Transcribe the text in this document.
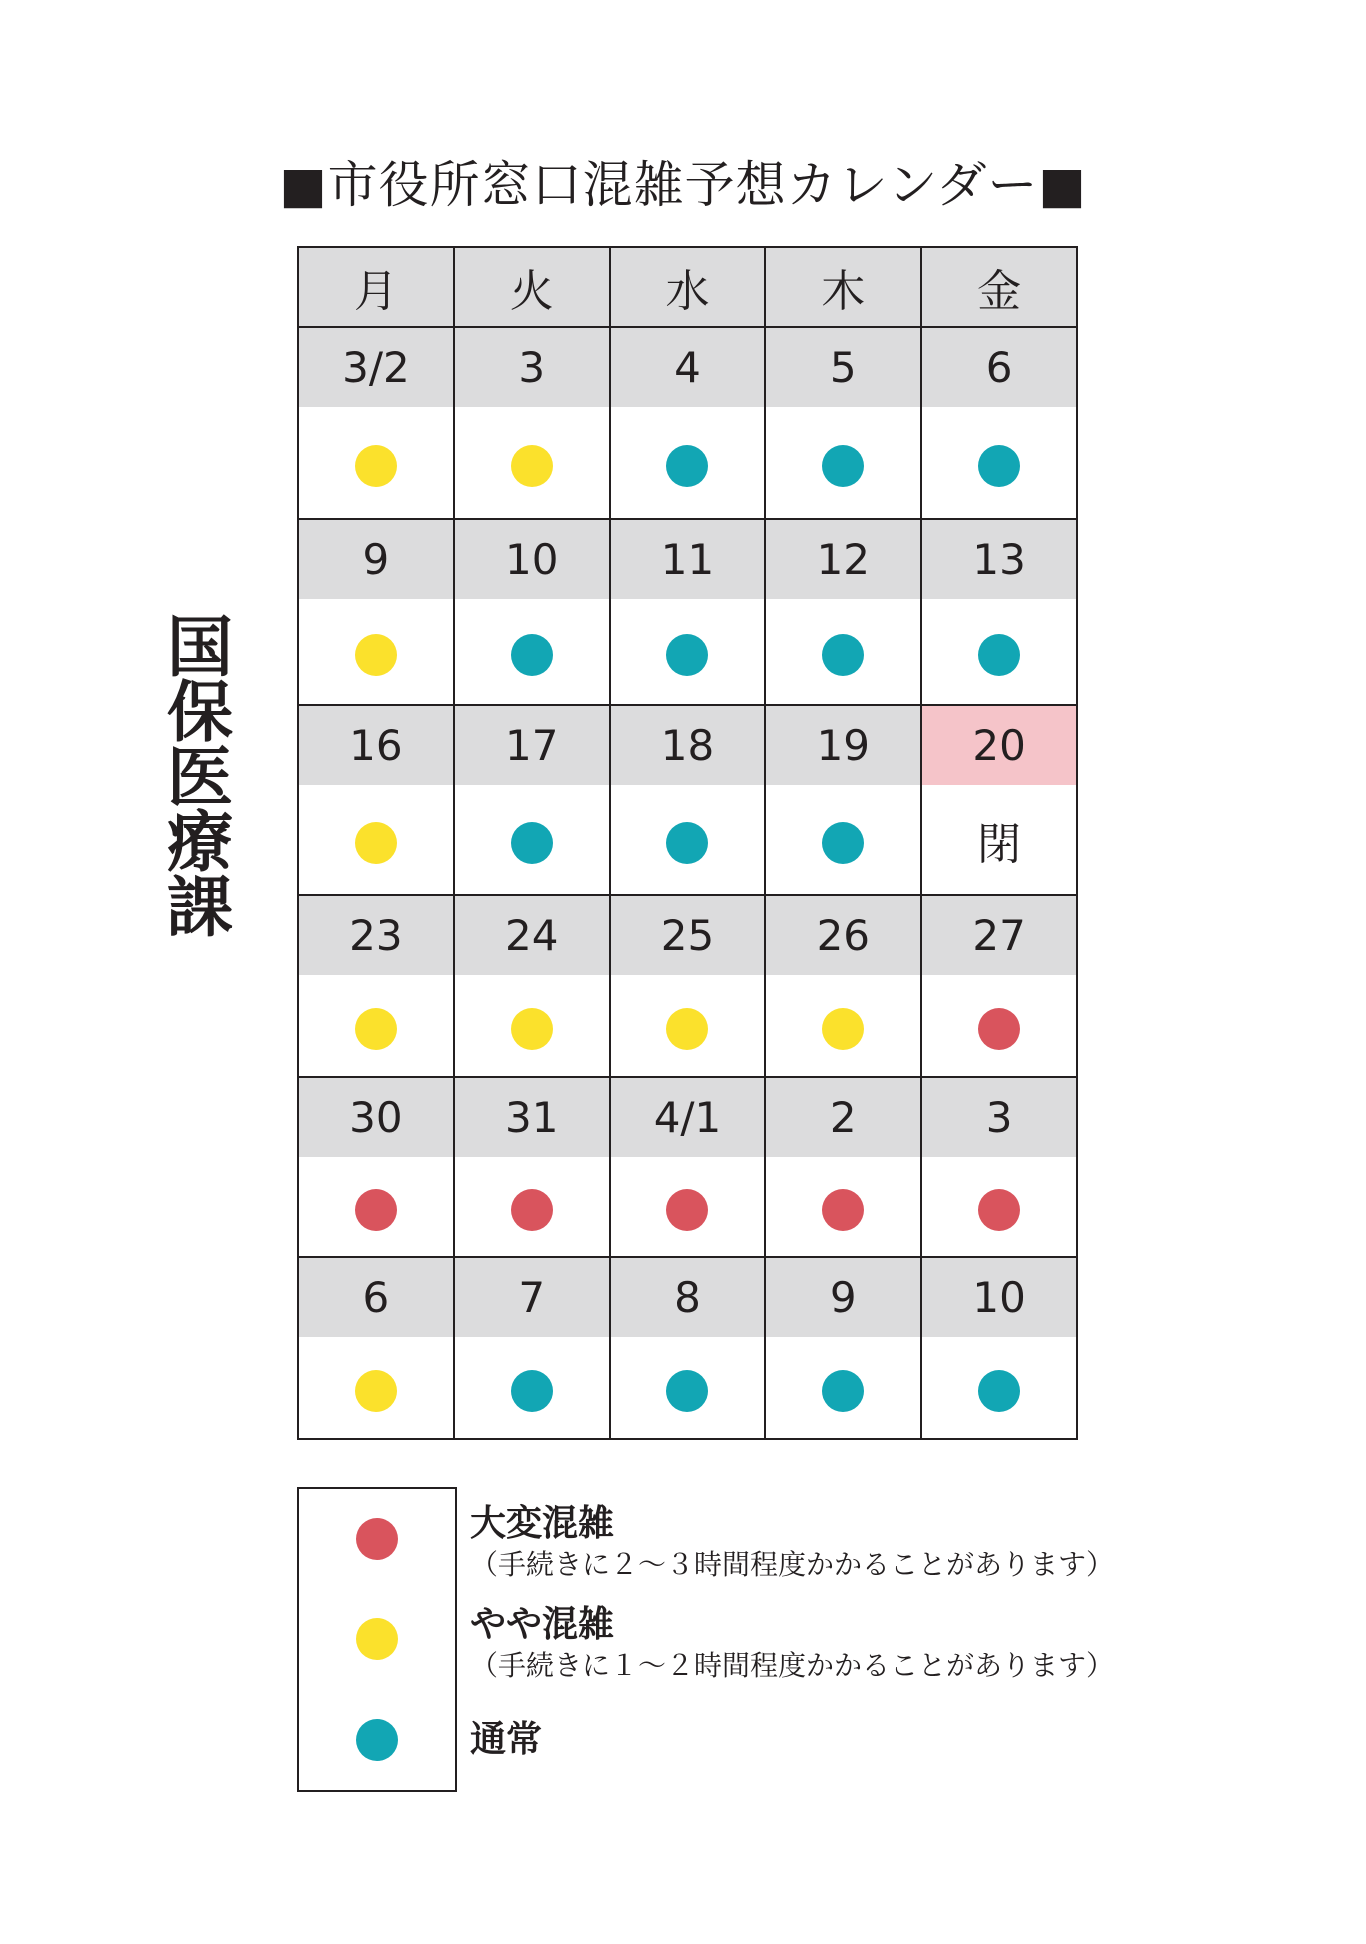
■市役所窓口混雑予想カレンダー■
国
保
医
療
課
月	火	水	木	金
3/2	3	4	5	6

9	10	11	12	13

16	17	18	19	20
				閉
23	24	25	26	27

30	31	4/1	2	3

6	7	8	9	10

大変混雑
（手続きに２～３時間程度かかることがあります）
やや混雑
（手続きに１～２時間程度かかることがあります）
通常
